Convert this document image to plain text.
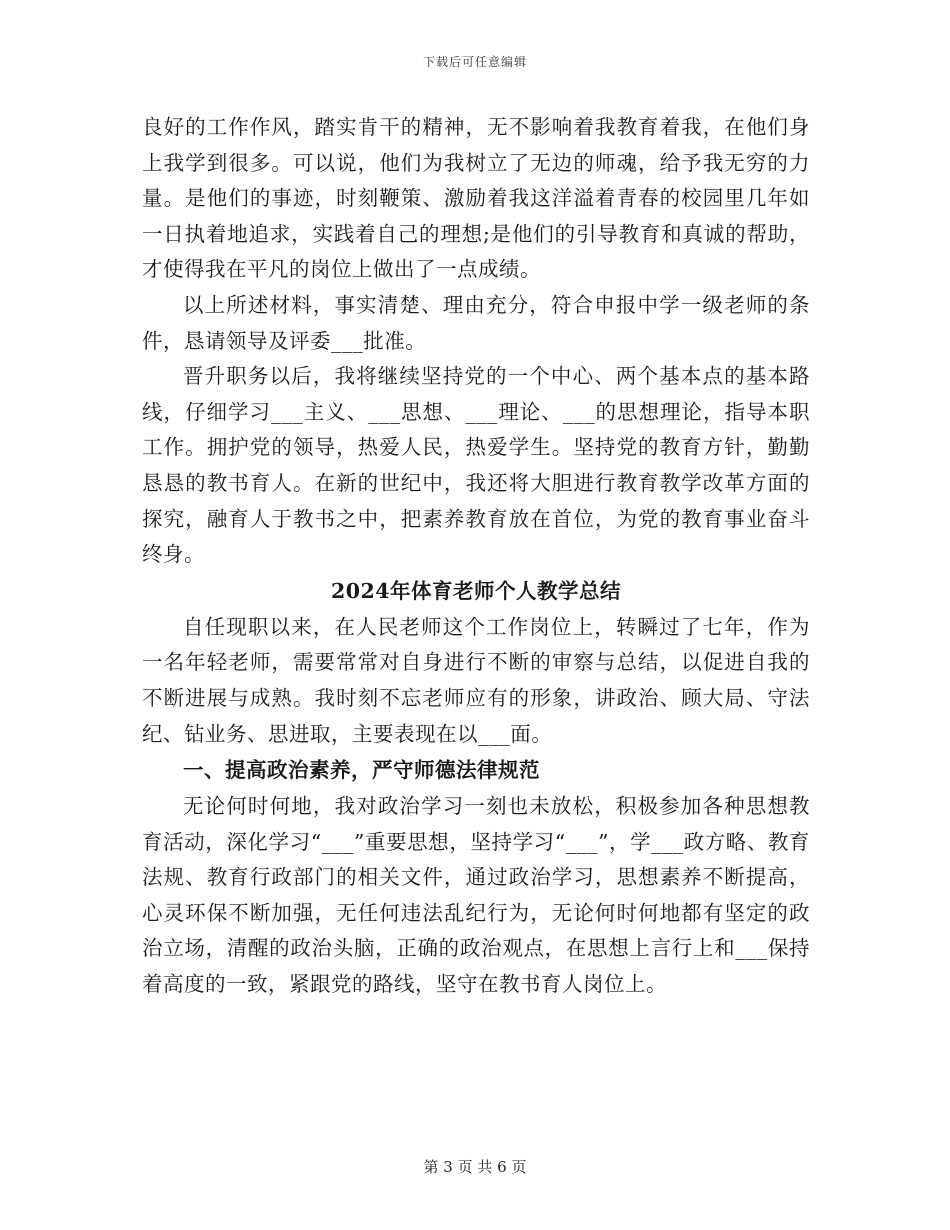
下载后可任意编辑

良好的工作作风，踏实肯干的精神，无不影响着我教育着我，在他们身上我学到很多。可以说，他们为我树立了无边的师魂，给予我无穷的力量。是他们的事迹，时刻鞭策、激励着我这洋溢着青春的校园里几年如一日执着地追求，实践着自己的理想;是他们的引导教育和真诚的帮助，才使得我在平凡的岗位上做出了一点成绩。

以上所述材料，事实清楚、理由充分，符合申报中学一级老师的条件，恳请领导及评委___批准。

晋升职务以后，我将继续坚持党的一个中心、两个基本点的基本路线，仔细学习___主义、___思想、___理论、___的思想理论，指导本职工作。拥护党的领导，热爱人民，热爱学生。坚持党的教育方针，勤勤恳恳的教书育人。在新的世纪中，我还将大胆进行教育教学改革方面的探究，融育人于教书之中，把素养教育放在首位，为党的教育事业奋斗终身。

2024年体育老师个人教学总结

自任现职以来，在人民老师这个工作岗位上，转瞬过了七年，作为一名年轻老师，需要常常对自身进行不断的审察与总结，以促进自我的不断进展与成熟。我时刻不忘老师应有的形象，讲政治、顾大局、守法纪、钻业务、思进取，主要表现在以___面。

一、提高政治素养，严守师德法律规范

无论何时何地，我对政治学习一刻也未放松，积极参加各种思想教育活动，深化学习“___”重要思想，坚持学习“___”，学___政方略、教育法规、教育行政部门的相关文件，通过政治学习，思想素养不断提高，心灵环保不断加强，无任何违法乱纪行为，无论何时何地都有坚定的政治立场，清醒的政治头脑，正确的政治观点，在思想上言行上和___保持着高度的一致，紧跟党的路线，坚守在教书育人岗位上。

第 3 页 共 6 页
